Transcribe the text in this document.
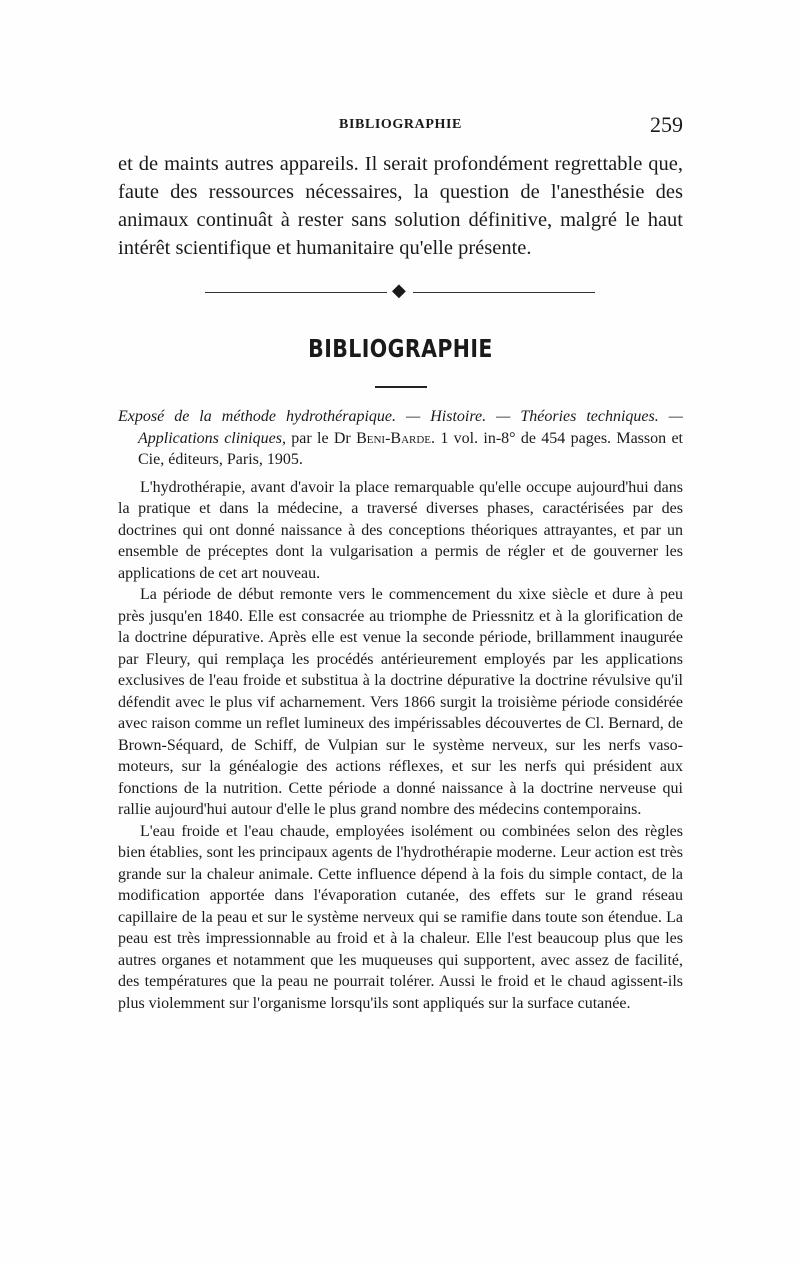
BIBLIOGRAPHIE	259

et de maints autres appareils. Il serait profondément regrettable que, faute des ressources nécessaires, la question de l'anesthésie des animaux continuât à rester sans solution définitive, malgré le haut intérêt scientifique et humanitaire qu'elle présente.

◆
BIBLIOGRAPHIE

Exposé de la méthode hydrothérapique. — Histoire. — Théories techniques. — Applications cliniques, par le Dr Beni-Barde. 1 vol. in-8° de 454 pages. Masson et Cie, éditeurs, Paris, 1905.

L'hydrothérapie, avant d'avoir la place remarquable qu'elle occupe aujourd'hui dans la pratique et dans la médecine, a traversé diverses phases, caractérisées par des doctrines qui ont donné naissance à des conceptions théoriques attrayantes, et par un ensemble de préceptes dont la vulgarisation a permis de régler et de gouverner les applications de cet art nouveau.

La période de début remonte vers le commencement du xixe siècle et dure à peu près jusqu'en 1840. Elle est consacrée au triomphe de Priessnitz et à la glorification de la doctrine dépurative. Après elle est venue la seconde période, brillamment inaugurée par Fleury, qui remplaça les procédés antérieurement employés par les applications exclusives de l'eau froide et substitua à la doctrine dépurative la doctrine révulsive qu'il défendit avec le plus vif acharnement. Vers 1866 surgit la troisième période considérée avec raison comme un reflet lumineux des impérissables découvertes de Cl. Bernard, de Brown-Séquard, de Schiff, de Vulpian sur le système nerveux, sur les nerfs vaso-moteurs, sur la généalogie des actions réflexes, et sur les nerfs qui président aux fonctions de la nutrition. Cette période a donné naissance à la doctrine nerveuse qui rallie aujourd'hui autour d'elle le plus grand nombre des médecins contemporains.

L'eau froide et l'eau chaude, employées isolément ou combinées selon des règles bien établies, sont les principaux agents de l'hydrothérapie moderne. Leur action est très grande sur la chaleur animale. Cette influence dépend à la fois du simple contact, de la modification apportée dans l'évaporation cutanée, des effets sur le grand réseau capillaire de la peau et sur le système nerveux qui se ramifie dans toute son étendue. La peau est très impressionnable au froid et à la chaleur. Elle l'est beaucoup plus que les autres organes et notamment que les muqueuses qui supportent, avec assez de facilité, des températures que la peau ne pourrait tolérer. Aussi le froid et le chaud agissent-ils plus violemment sur l'organisme lorsqu'ils sont appliqués sur la surface cutanée.
